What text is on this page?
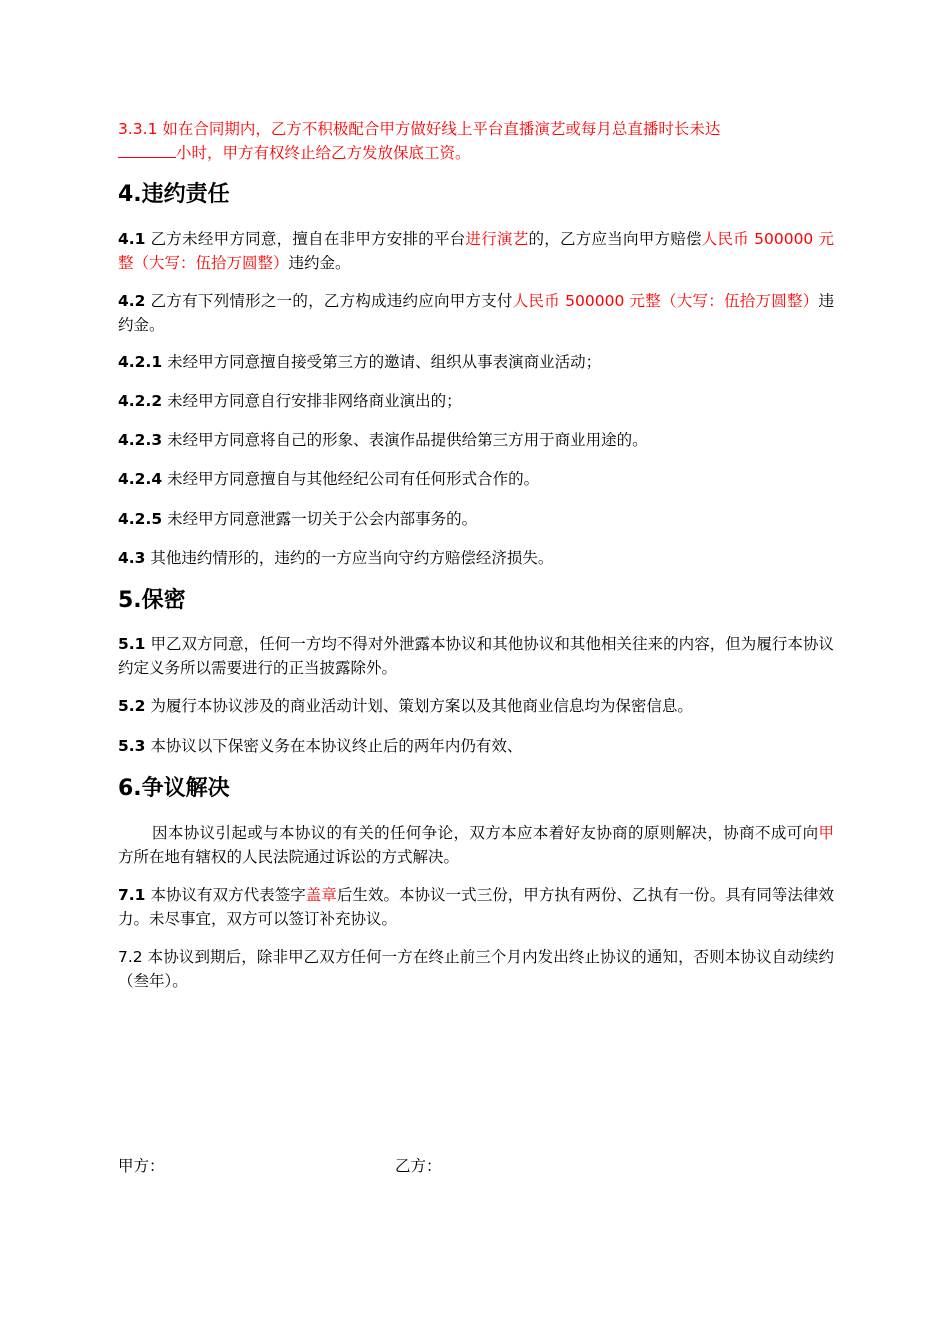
3.3.1 如在合同期内，乙方不积极配合甲方做好线上平台直播演艺或每月总直播时长未达
小时，甲方有权终止给乙方发放保底工资。

4.违约责任

4.1 乙方未经甲方同意，擅自在非甲方安排的平台进行演艺的，乙方应当向甲方赔偿人民币 500000 元整（大写：伍拾万圆整）违约金。

4.2 乙方有下列情形之一的，乙方构成违约应向甲方支付人民币 500000 元整（大写：伍拾万圆整）违约金。

4.2.1 未经甲方同意擅自接受第三方的邀请、组织从事表演商业活动；

4.2.2 未经甲方同意自行安排非网络商业演出的；

4.2.3 未经甲方同意将自己的形象、表演作品提供给第三方用于商业用途的。

4.2.4 未经甲方同意擅自与其他经纪公司有任何形式合作的。

4.2.5 未经甲方同意泄露一切关于公会内部事务的。

4.3 其他违约情形的，违约的一方应当向守约方赔偿经济损失。

5.保密

5.1 甲乙双方同意，任何一方均不得对外泄露本协议和其他协议和其他相关往来的内容，但为履行本协议约定义务所以需要进行的正当披露除外。

5.2 为履行本协议涉及的商业活动计划、策划方案以及其他商业信息均为保密信息。

5.3 本协议以下保密义务在本协议终止后的两年内仍有效、

6.争议解决

因本协议引起或与本协议的有关的任何争论，双方本应本着好友协商的原则解决，协商不成可向甲方所在地有辖权的人民法院通过诉讼的方式解决。

7.1 本协议有双方代表签字盖章后生效。本协议一式三份，甲方执有两份、乙执有一份。具有同等法律效力。未尽事宜，双方可以签订补充协议。

7.2 本协议到期后，除非甲乙双方任何一方在终止前三个月内发出终止协议的通知，否则本协议自动续约（叁年）。

甲方：	乙方：
